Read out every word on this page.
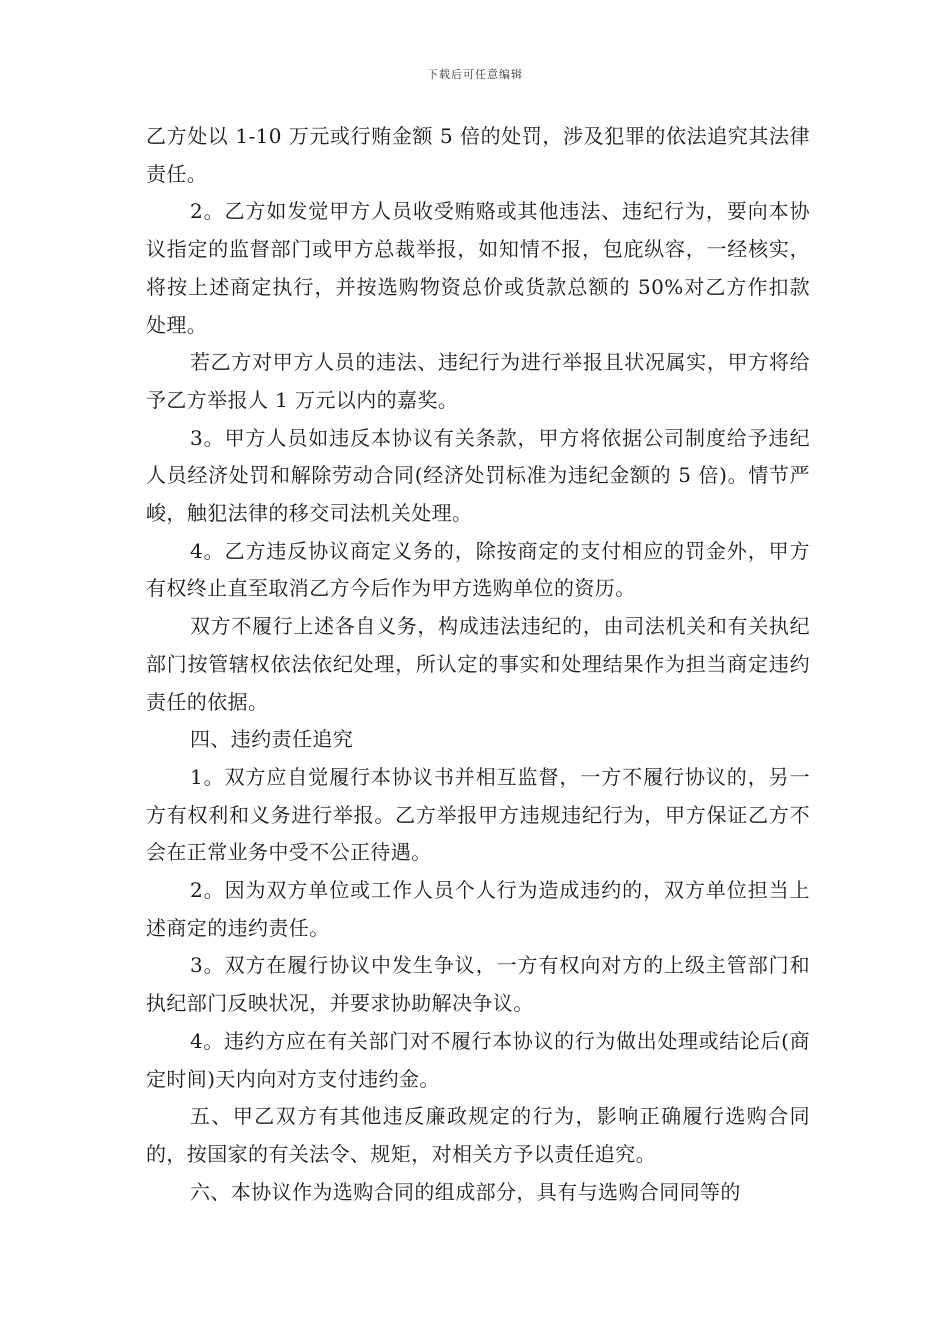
下载后可任意编辑

乙方处以 1-10 万元或行贿金额 5 倍的处罚，涉及犯罪的依法追究其法律责任。

2。乙方如发觉甲方人员收受贿赂或其他违法、违纪行为，要向本协议指定的监督部门或甲方总裁举报，如知情不报，包庇纵容，一经核实，将按上述商定执行，并按选购物资总价或货款总额的 50%对乙方作扣款处理。

若乙方对甲方人员的违法、违纪行为进行举报且状况属实，甲方将给予乙方举报人 1 万元以内的嘉奖。

3。甲方人员如违反本协议有关条款，甲方将依据公司制度给予违纪人员经济处罚和解除劳动合同(经济处罚标准为违纪金额的 5 倍)。情节严峻，触犯法律的移交司法机关处理。

4。乙方违反协议商定义务的，除按商定的支付相应的罚金外，甲方有权终止直至取消乙方今后作为甲方选购单位的资历。

双方不履行上述各自义务，构成违法违纪的，由司法机关和有关执纪部门按管辖权依法依纪处理，所认定的事实和处理结果作为担当商定违约责任的依据。

四、违约责任追究

1。双方应自觉履行本协议书并相互监督，一方不履行协议的，另一方有权利和义务进行举报。乙方举报甲方违规违纪行为，甲方保证乙方不会在正常业务中受不公正待遇。

2。因为双方单位或工作人员个人行为造成违约的，双方单位担当上述商定的违约责任。

3。双方在履行协议中发生争议，一方有权向对方的上级主管部门和执纪部门反映状况，并要求协助解决争议。

4。违约方应在有关部门对不履行本协议的行为做出处理或结论后(商定时间)天内向对方支付违约金。

五、甲乙双方有其他违反廉政规定的行为，影响正确履行选购合同的，按国家的有关法令、规矩，对相关方予以责任追究。

六、本协议作为选购合同的组成部分，具有与选购合同同等的
